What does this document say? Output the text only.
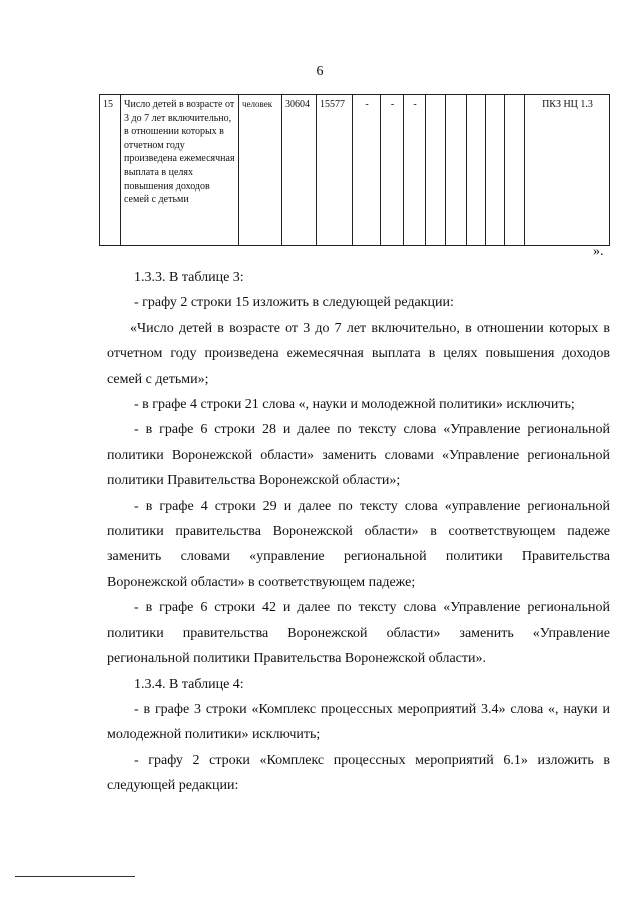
6
15	Число детей в возрасте от 3 до 7 лет включительно, в отношении которых в отчетном году произведена ежемесячная выплата в целях повышения доходов семей с детьми	человек	30604	15577	-	-	-						ПКЗ НЦ 1.3
».

1.3.3. В таблице 3:

- графу 2 строки 15 изложить в следующей редакции:

«Число детей в возрасте от 3 до 7 лет включительно, в отношении которых в отчетном году произведена ежемесячная выплата в целях повышения доходов семей с детьми»;

- в графе 4 строки 21 слова «, науки и молодежной политики» исключить;

- в графе 6 строки 28 и далее по тексту слова «Управление региональной политики Воронежской области» заменить словами «Управление региональной политики Правительства Воронежской области»;

- в графе 4 строки 29 и далее по тексту слова «управление региональной политики правительства Воронежской области» в соответствующем падеже заменить словами «управление региональной политики Правительства Воронежской области» в соответствующем падеже;

- в графе 6 строки 42 и далее по тексту слова «Управление региональной политики правительства Воронежской области» заменить «Управление региональной политики Правительства Воронежской области».

1.3.4. В таблице 4:

- в графе 3 строки «Комплекс процессных мероприятий 3.4» слова «, науки и молодежной политики» исключить;

- графу 2 строки «Комплекс процессных мероприятий 6.1» изложить в следующей редакции:
